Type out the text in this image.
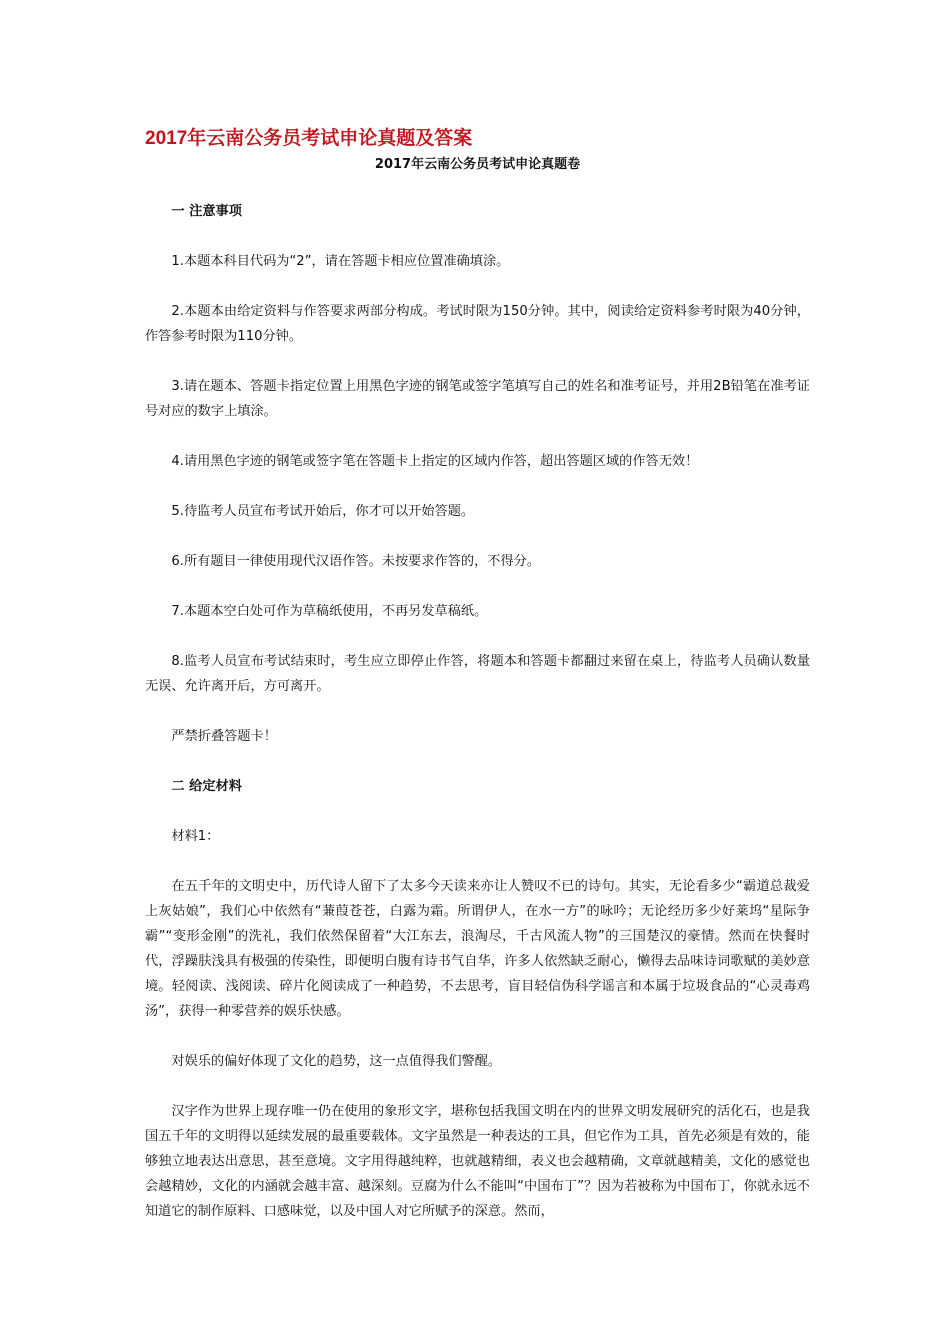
2017年云南公务员考试申论真题及答案
2017年云南公务员考试申论真题卷

一 注意事项

1.本题本科目代码为“2”，请在答题卡相应位置准确填涂。

2.本题本由给定资料与作答要求两部分构成。考试时限为150分钟。其中，阅读给定资料参考时限为40分钟，作答参考时限为110分钟。

3.请在题本、答题卡指定位置上用黑色字迹的钢笔或签字笔填写自己的姓名和准考证号，并用2B铅笔在准考证号对应的数字上填涂。

4.请用黑色字迹的钢笔或签字笔在答题卡上指定的区域内作答，超出答题区域的作答无效！

5.待监考人员宣布考试开始后，你才可以开始答题。

6.所有题目一律使用现代汉语作答。未按要求作答的，不得分。

7.本题本空白处可作为草稿纸使用，不再另发草稿纸。

8.监考人员宣布考试结束时，考生应立即停止作答，将题本和答题卡都翻过来留在桌上，待监考人员确认数量无误、允许离开后，方可离开。

严禁折叠答题卡！

二 给定材料

材料1：

在五千年的文明史中，历代诗人留下了太多今天读来亦让人赞叹不已的诗句。其实，无论看多少“霸道总裁爱上灰姑娘”，我们心中依然有“蒹葭苍苍，白露为霜。所谓伊人，在水一方”的咏吟；无论经历多少好莱坞“星际争霸”“变形金刚”的洗礼，我们依然保留着“大江东去，浪淘尽，千古风流人物”的三国楚汉的豪情。然而在快餐时代，浮躁肤浅具有极强的传染性，即便明白腹有诗书气自华，许多人依然缺乏耐心，懒得去品味诗词歌赋的美妙意境。轻阅读、浅阅读、碎片化阅读成了一种趋势，不去思考，盲目轻信伪科学谣言和本属于垃圾食品的“心灵毒鸡汤”，获得一种零营养的娱乐快感。

对娱乐的偏好体现了文化的趋势，这一点值得我们警醒。

汉字作为世界上现存唯一仍在使用的象形文字，堪称包括我国文明在内的世界文明发展研究的活化石，也是我国五千年的文明得以延续发展的最重要载体。文字虽然是一种表达的工具，但它作为工具，首先必须是有效的，能够独立地表达出意思，甚至意境。文字用得越纯粹，也就越精细，表义也会越精确，文章就越精美，文化的感觉也会越精妙，文化的内涵就会越丰富、越深刻。豆腐为什么不能叫“中国布丁”？因为若被称为中国布丁，你就永远不知道它的制作原料、口感味觉，以及中国人对它所赋予的深意。然而，
